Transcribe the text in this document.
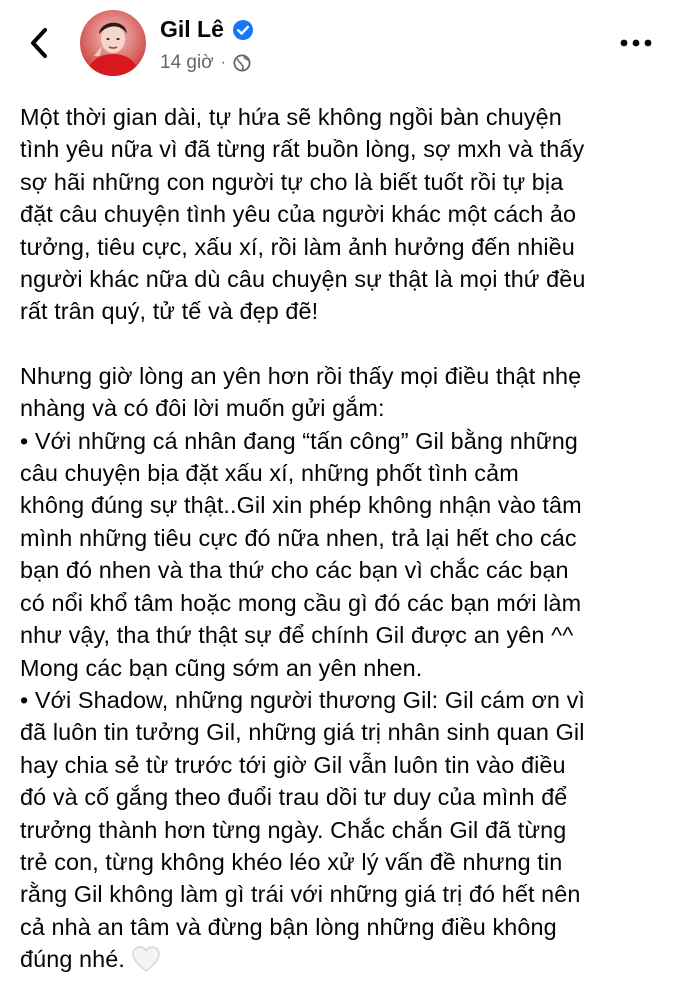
Gil Lê
14 giờ ·

Một thời gian dài, tự hứa sẽ không ngồi bàn chuyện
tình yêu nữa vì đã từng rất buồn lòng, sợ mxh và thấy
sợ hãi những con người tự cho là biết tuốt rồi tự bịa
đặt câu chuyện tình yêu của người khác một cách ảo
tưởng, tiêu cực, xấu xí, rồi làm ảnh hưởng đến nhiều
người khác nữa dù câu chuyện sự thật là mọi thứ đều
rất trân quý, tử tế và đẹp đẽ!

Nhưng giờ lòng an yên hơn rồi thấy mọi điều thật nhẹ
nhàng và có đôi lời muốn gửi gắm:
• Với những cá nhân đang “tấn công” Gil bằng những
câu chuyện bịa đặt xấu xí, những phốt tình cảm
không đúng sự thật..Gil xin phép không nhận vào tâm
mình những tiêu cực đó nữa nhen, trả lại hết cho các
bạn đó nhen và tha thứ cho các bạn vì chắc các bạn
có nổi khổ tâm hoặc mong cầu gì đó các bạn mới làm
như vậy, tha thứ thật sự để chính Gil được an yên ^^
Mong các bạn cũng sớm an yên nhen.
• Với Shadow, những người thương Gil: Gil cám ơn vì
đã luôn tin tưởng Gil, những giá trị nhân sinh quan Gil
hay chia sẻ từ trước tới giờ Gil vẫn luôn tin vào điều
đó và cố gắng theo đuổi trau dồi tư duy của mình để
trưởng thành hơn từng ngày. Chắc chắn Gil đã từng
trẻ con, từng không khéo léo xử lý vấn đề nhưng tin
rằng Gil không làm gì trái với những giá trị đó hết nên
cả nhà an tâm và đừng bận lòng những điều không
đúng nhé.
